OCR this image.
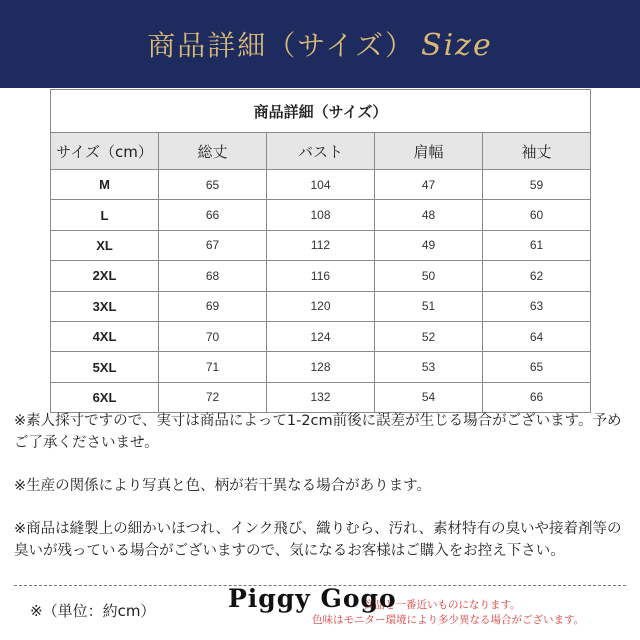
商品詳細（サイズ） Size
商品詳細（サイズ）				
サイズ（cm）	総丈	バスト	肩幅	袖丈
M	65	104	47	59
L	66	108	48	60
XL	67	112	49	61
2XL	68	116	50	62
3XL	69	120	51	63
4XL	70	124	52	64
5XL	71	128	53	65
6XL	72	132	54	66

※素人採寸ですので、実寸は商品によって1-2cm前後に誤差が生じる場合がございます。予めご了承くださいませ。

※生産の関係により写真と色、柄が若干異なる場合があります。

※商品は縫製上の細かいほつれ、インク飛び、織りむら、汚れ、素材特有の臭いや接着剤等の臭いが残っている場合がございますので、気になるお客様はご購入をお控え下さい。

※（単位：約cm）	商品と一番近いものになります。
色味はモニター環境により多少異なる場合がございます。
Piggy Gogo
